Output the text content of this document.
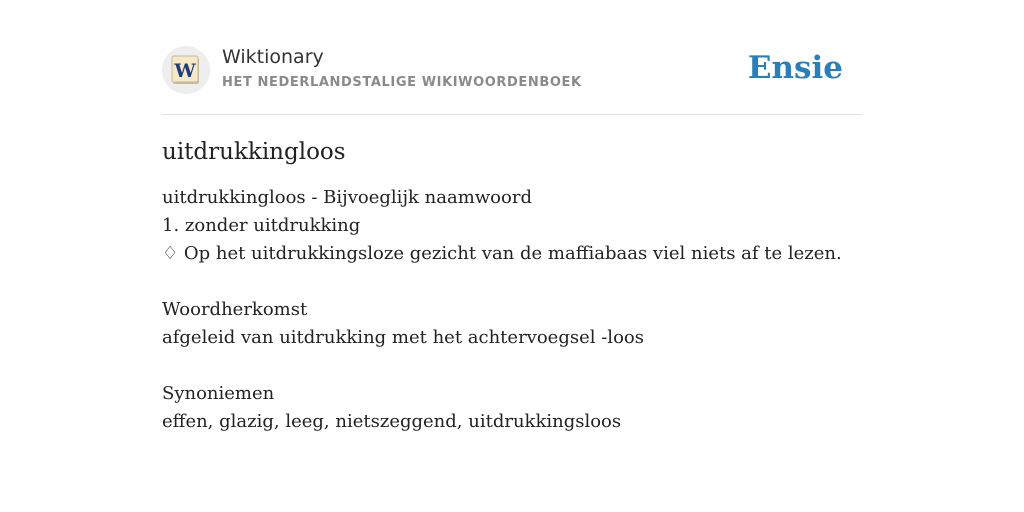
W
Wiktionary
HET NEDERLANDSTALIGE WIKIWOORDENBOEK	Ensie
uitdrukkingloos
uitdrukkingloos - Bijvoeglijk naamwoord
1. zonder uitdrukking
♢ Op het uitdrukkingsloze gezicht van de maffiabaas viel niets af te lezen.
Woordherkomst
afgeleid van uitdrukking met het achtervoegsel -loos
Synoniemen
effen, glazig, leeg, nietszeggend, uitdrukkingsloos
